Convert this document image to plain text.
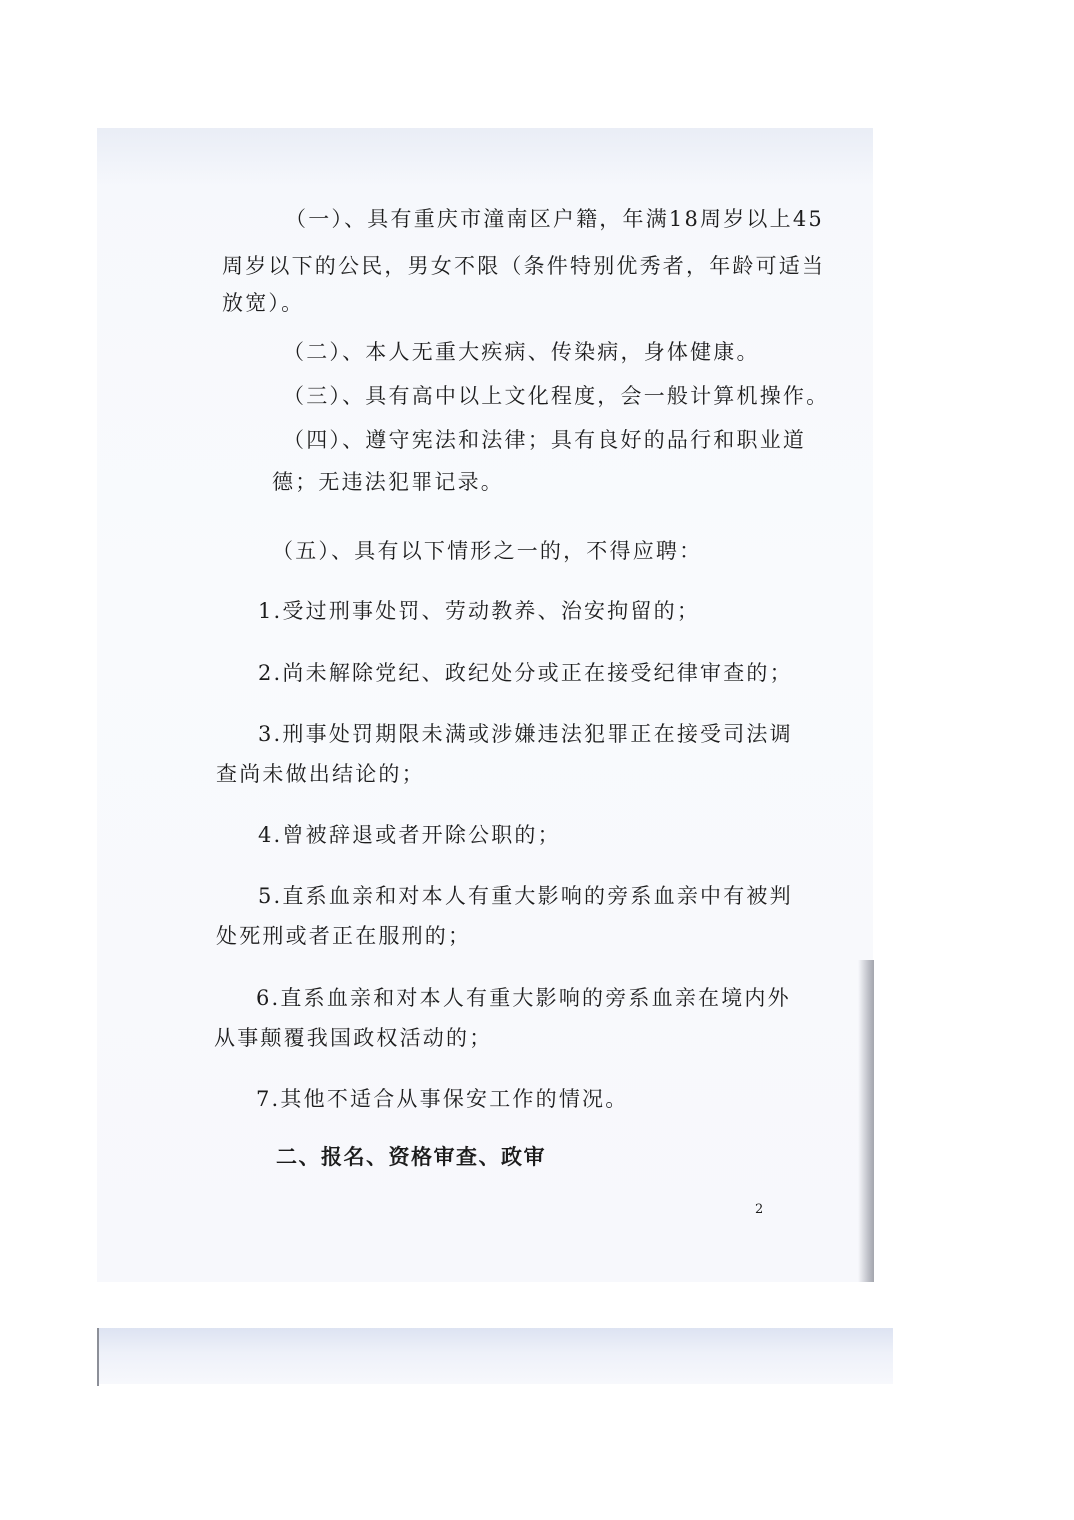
（一）、具有重庆市潼南区户籍，年满18周岁以上45
周岁以下的公民，男女不限（条件特别优秀者，年龄可适当
放宽）。
（二）、本人无重大疾病、传染病，身体健康。
（三）、具有高中以上文化程度，会一般计算机操作。
（四）、遵守宪法和法律；具有良好的品行和职业道
德；无违法犯罪记录。
（五）、具有以下情形之一的，不得应聘：
1.受过刑事处罚、劳动教养、治安拘留的；
2.尚未解除党纪、政纪处分或正在接受纪律审查的；
3.刑事处罚期限未满或涉嫌违法犯罪正在接受司法调
查尚未做出结论的；
4.曾被辞退或者开除公职的；
5.直系血亲和对本人有重大影响的旁系血亲中有被判
处死刑或者正在服刑的；
6.直系血亲和对本人有重大影响的旁系血亲在境内外
从事颠覆我国政权活动的；
7.其他不适合从事保安工作的情况。
二、报名、资格审查、政审
2
